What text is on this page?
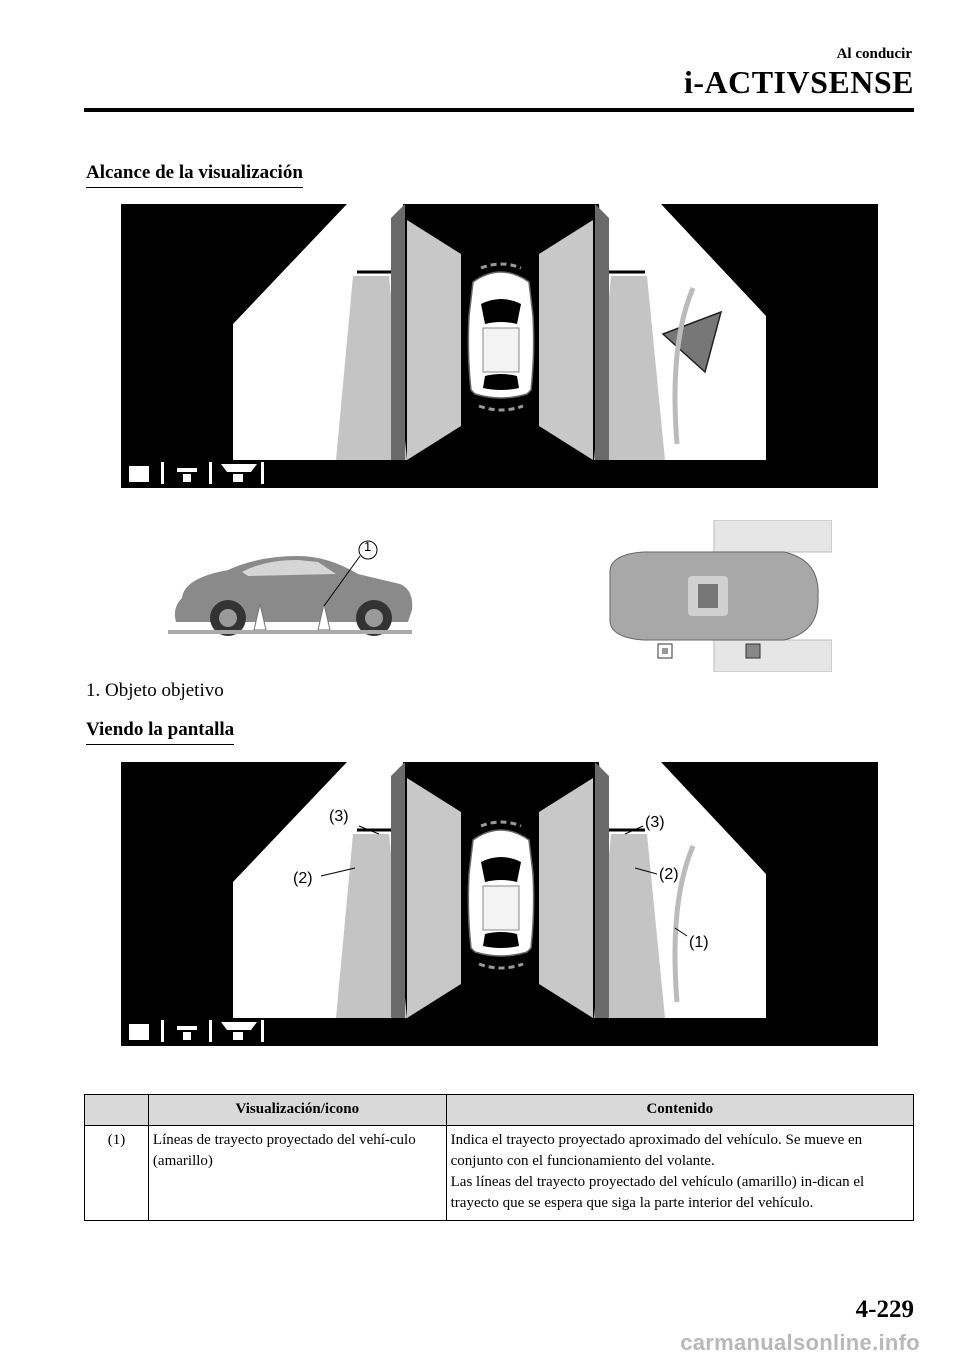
Al conducir
i-ACTIVSENSE
Alcance de la visualización
1
1. Objeto objetivo
Viendo la pantalla
(3)
(2)
(3)
(2)
(1)
	Visualización/icono	Contenido
(1)	Líneas de trayecto proyectado del vehí-culo (amarillo)	Indica el trayecto proyectado aproximado del vehículo. Se mueve en conjunto con el funcionamiento del volante.
Las líneas del trayecto proyectado del vehículo (amarillo) in-dican el trayecto que se espera que siga la parte interior del vehículo.
4-229
carmanualsonline.info
